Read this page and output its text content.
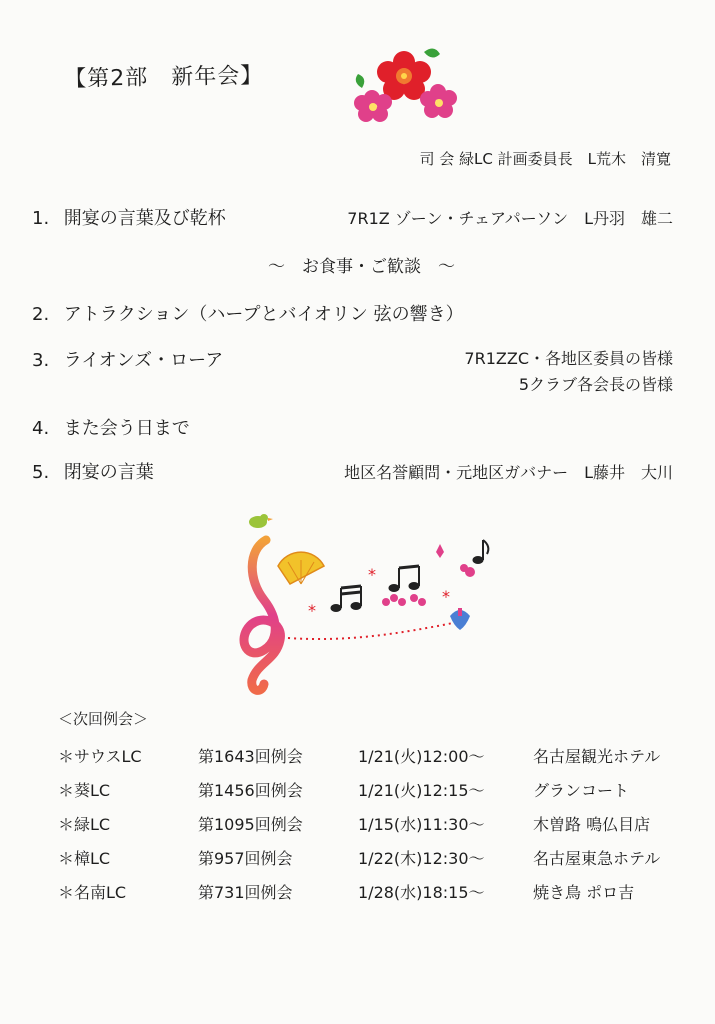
【第2部　新年会】
司 会 緑LC 計画委員長　L荒木　清寛
1. 開宴の言葉及び乾杯	7R1Z ゾーン・チェアパーソン　L丹羽　雄二
～　お食事・ご歓談　～
2. アトラクション（ハープとバイオリン 弦の響き）
3. ライオンズ・ローア	7R1ZZC・各地区委員の皆様
5クラブ各会長の皆様
4. また会う日まで
5. 閉宴の言葉	地区名誉顧問・元地区ガバナー　L藤井　大川
*
*
*
＜次回例会＞
＊サウスLC	第1643回例会	1/21(火)12:00～	名古屋観光ホテル
＊葵LC	第1456回例会	1/21(火)12:15～	グランコート
＊緑LC	第1095回例会	1/15(水)11:30～	木曽路 鳴仏目店
＊樟LC	第957回例会	1/22(木)12:30～	名古屋東急ホテル
＊名南LC	第731回例会	1/28(水)18:15～	焼き鳥 ポロ吉
